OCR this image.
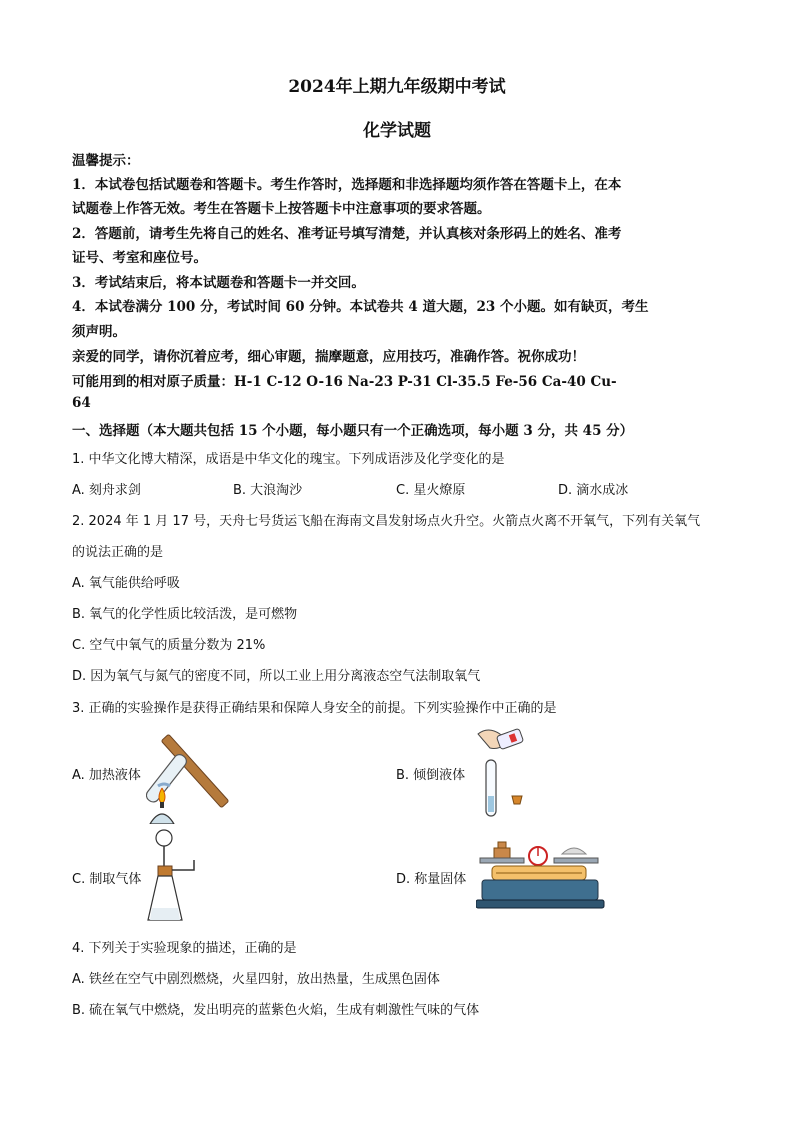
2024年上期九年级期中考试
化学试题
温馨提示：
1．本试卷包括试题卷和答题卡。考生作答时，选择题和非选择题均须作答在答题卡上，在本
试题卷上作答无效。考生在答题卡上按答题卡中注意事项的要求答题。
2．答题前，请考生先将自己的姓名、准考证号填写清楚，并认真核对条形码上的姓名、准考
证号、考室和座位号。
3．考试结束后，将本试题卷和答题卡一并交回。
4．本试卷满分 100 分，考试时间 60 分钟。本试卷共 4 道大题，23 个小题。如有缺页，考生
须声明。
亲爱的同学，请你沉着应考，细心审题，揣摩题意，应用技巧，准确作答。祝你成功！
可能用到的相对原子质量：H-1 C-12 O-16 Na-23 P-31 Cl-35.5 Fe-56 Ca-40 Cu-
64
一、选择题（本大题共包括 15 个小题，每小题只有一个正确选项，每小题 3 分，共 45 分）
1. 中华文化博大精深，成语是中华文化的瑰宝。下列成语涉及化学变化的是
A. 刻舟求剑	B. 大浪淘沙	C. 星火燎原	D. 滴水成冰
2. 2024 年 1 月 17 号，天舟七号货运飞船在海南文昌发射场点火升空。火箭点火离不开氧气，下列有关氧气
的说法正确的是
A. 氧气能供给呼吸
B. 氧气的化学性质比较活泼，是可燃物
C. 空气中氧气的质量分数为 21%
D. 因为氧气与氮气的密度不同，所以工业上用分离液态空气法制取氧气
3. 正确的实验操作是获得正确结果和保障人身安全的前提。下列实验操作中正确的是
A. 加热液体	B. 倾倒液体
C. 制取气体	D. 称量固体
4. 下列关于实验现象的描述，正确的是
A. 铁丝在空气中剧烈燃烧，火星四射，放出热量，生成黑色固体
B. 硫在氧气中燃烧，发出明亮的蓝紫色火焰，生成有刺激性气味的气体
